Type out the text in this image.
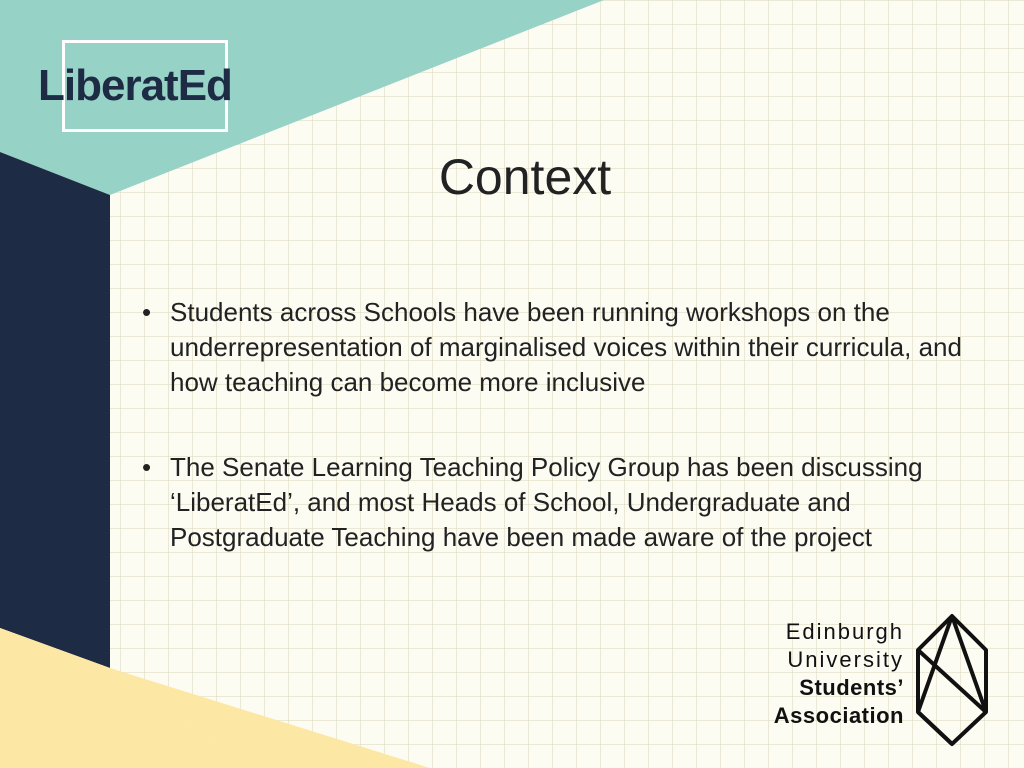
LiberatEd
Context
• Students across Schools have been running workshops on the underrepresentation of marginalised voices within their curricula, and how teaching can become more inclusive
• The Senate Learning Teaching Policy Group has been discussing ‘LiberatEd’, and most Heads of School, Undergraduate and Postgraduate Teaching have been made aware of the project
Edinburgh
University
Students’
Association
